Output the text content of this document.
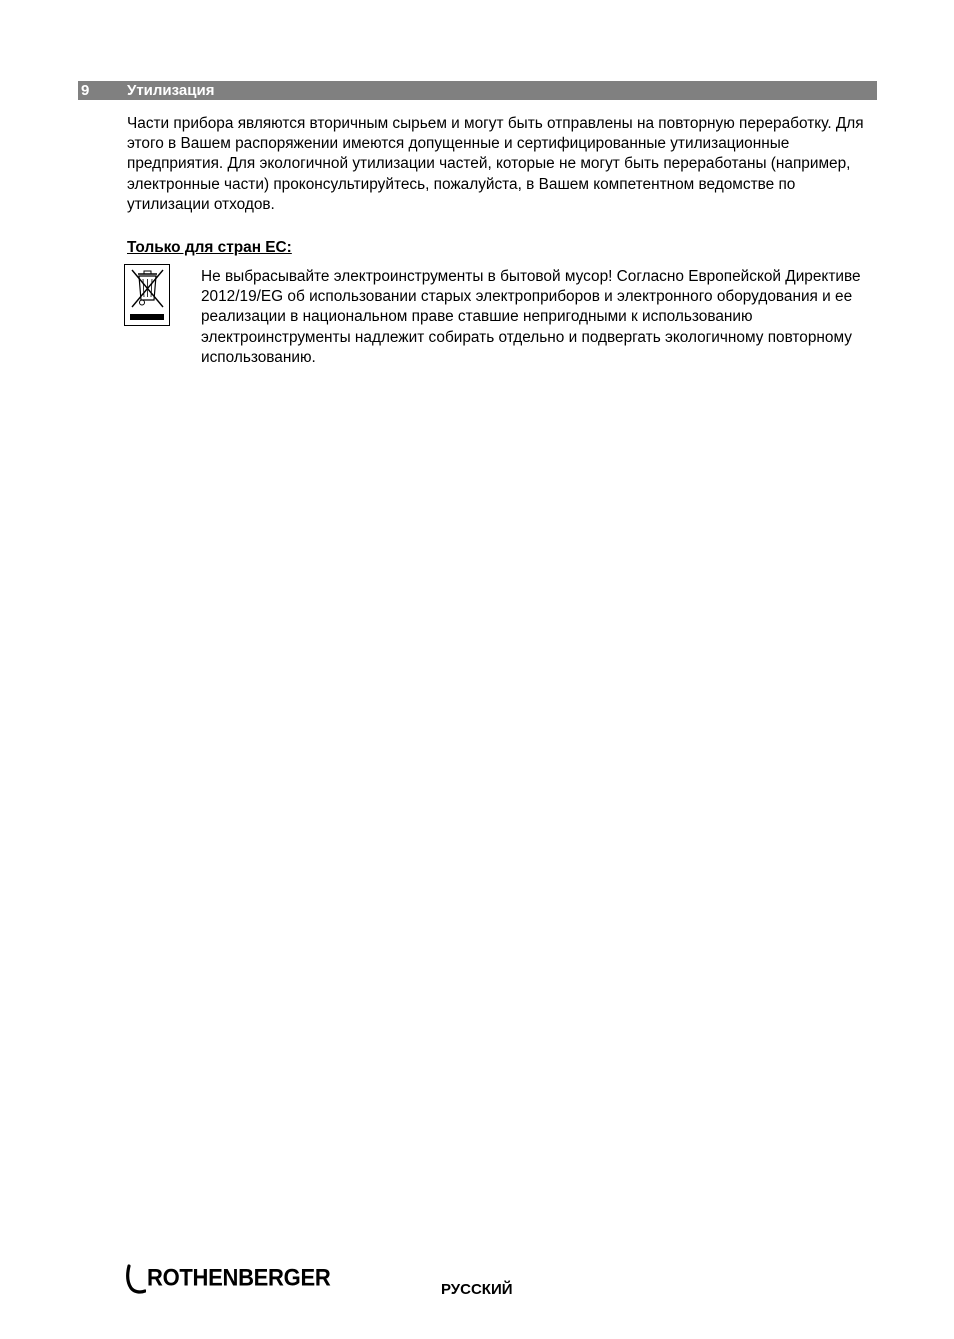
9	Утилизация

Части прибора являются вторичным сырьем и могут быть отправлены на повторную переработку. Для этого в Вашем распоряжении имеются допущенные и сертифицированные утилизационные предприятия. Для экологичной утилизации частей, которые не могут быть переработаны (например, электронные части) проконсультируйтесь, пожалуйста, в Вашем компетентном ведомстве по утилизации отходов.

Только для стран ЕС:

Не выбрасывайте электроинструменты в бытовой мусор! Согласно Европейской Директиве 2012/19/EG об использовании старых электроприборов и электронного оборудования и ее реализации в национальном праве ставшие непригодными к использованию электроинструменты надлежит собирать отдельно и подвергать экологичному повторному использованию.

ROTHENBERGER	РУССКИЙ
